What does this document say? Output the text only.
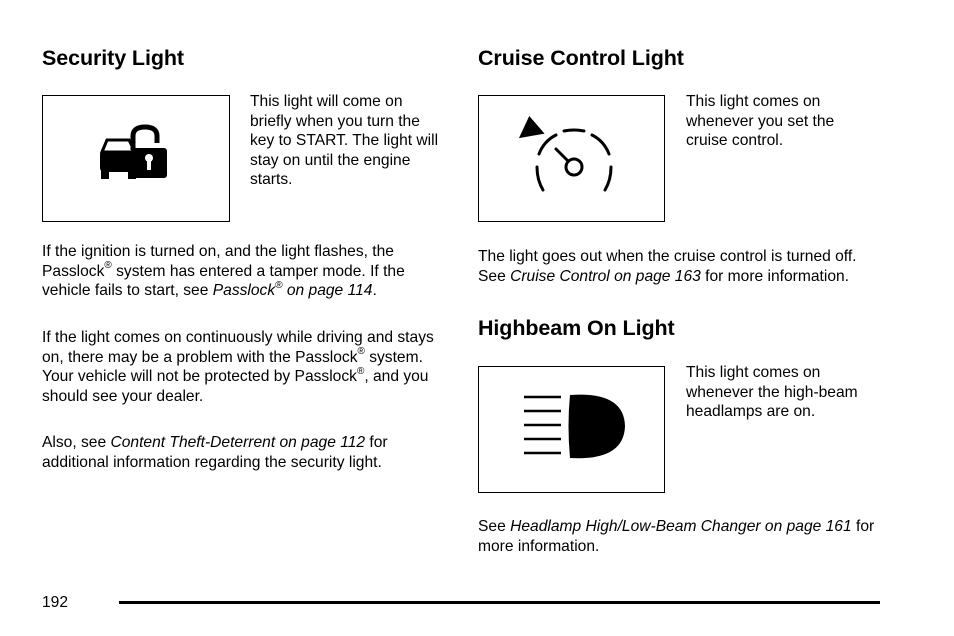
Security Light

This light will come on briefly when you turn the key to START. The light will stay on until the engine starts.

If the ignition is turned on, and the light flashes, the Passlock® system has entered a tamper mode. If the vehicle fails to start, see Passlock® on page 114.

If the light comes on continuously while driving and stays on, there may be a problem with the Passlock® system. Your vehicle will not be protected by Passlock®, and you should see your dealer.

Also, see Content Theft-Deterrent on page 112 for additional information regarding the security light.

Cruise Control Light

This light comes on whenever you set the cruise control.

The light goes out when the cruise control is turned off. See Cruise Control on page 163 for more information.

Highbeam On Light

This light comes on whenever the high-beam headlamps are on.

See Headlamp High/Low-Beam Changer on page 161 for more information.

192
